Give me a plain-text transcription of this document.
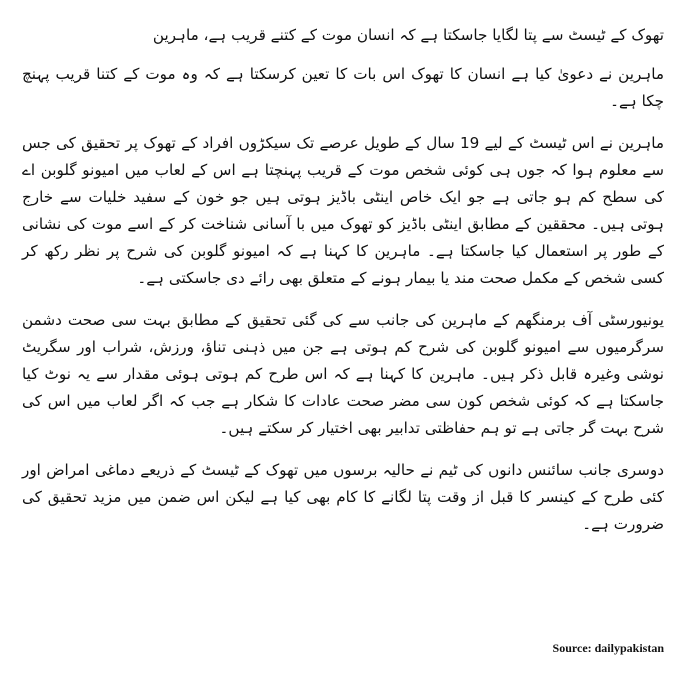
تھوک کے ٹیسٹ سے پتا لگایا جاسکتا ہے کہ انسان موت کے کتنے قریب ہے، ماہرین

ماہرین نے دعویٰ کیا ہے انسان کا تھوک اس بات کا تعین کرسکتا ہے کہ وہ موت کے کتنا قریب پہنچ چکا ہے۔

ماہرین نے اس ٹیسٹ کے لیے 19 سال کے طویل عرصے تک سیکڑوں افراد کے تھوک پر تحقیق کی جس سے معلوم ہوا کہ جوں ہی کوئی شخص موت کے قریب پہنچتا ہے اس کے لعاب میں امیونو گلوبن اے کی سطح کم ہو جاتی ہے جو ایک خاص اینٹی باڈیز ہوتی ہیں جو خون کے سفید خلیات سے خارج ہوتی ہیں۔ محققین کے مطابق اینٹی باڈیز کو تھوک میں با آسانی شناخت کر کے اسے موت کی نشانی کے طور پر استعمال کیا جاسکتا ہے۔ ماہرین کا کہنا ہے کہ امیونو گلوبن کی شرح پر نظر رکھ کر کسی شخص کے مکمل صحت مند یا بیمار ہونے کے متعلق بھی رائے دی جاسکتی ہے۔

یونیورسٹی آف برمنگھم کے ماہرین کی جانب سے کی گئی تحقیق کے مطابق بہت سی صحت دشمن سرگرمیوں سے امیونو گلوبن کی شرح کم ہوتی ہے جن میں ذہنی تناؤ، ورزش، شراب اور سگریٹ نوشی وغیرہ قابل ذکر ہیں۔ ماہرین کا کہنا ہے کہ اس طرح کم ہوتی ہوئی مقدار سے یہ نوٹ کیا جاسکتا ہے کہ کوئی شخص کون سی مضر صحت عادات کا شکار ہے جب کہ اگر لعاب میں اس کی شرح بہت گر جاتی ہے تو ہم حفاظتی تدابیر بھی اختیار کر سکتے ہیں۔

دوسری جانب سائنس دانوں کی ٹیم نے حالیہ برسوں میں تھوک کے ٹیسٹ کے ذریعے دماغی امراض اور کئی طرح کے کینسر کا قبل از وقت پتا لگانے کا کام بھی کیا ہے لیکن اس ضمن میں مزید تحقیق کی ضرورت ہے۔

Source: dailypakistan
